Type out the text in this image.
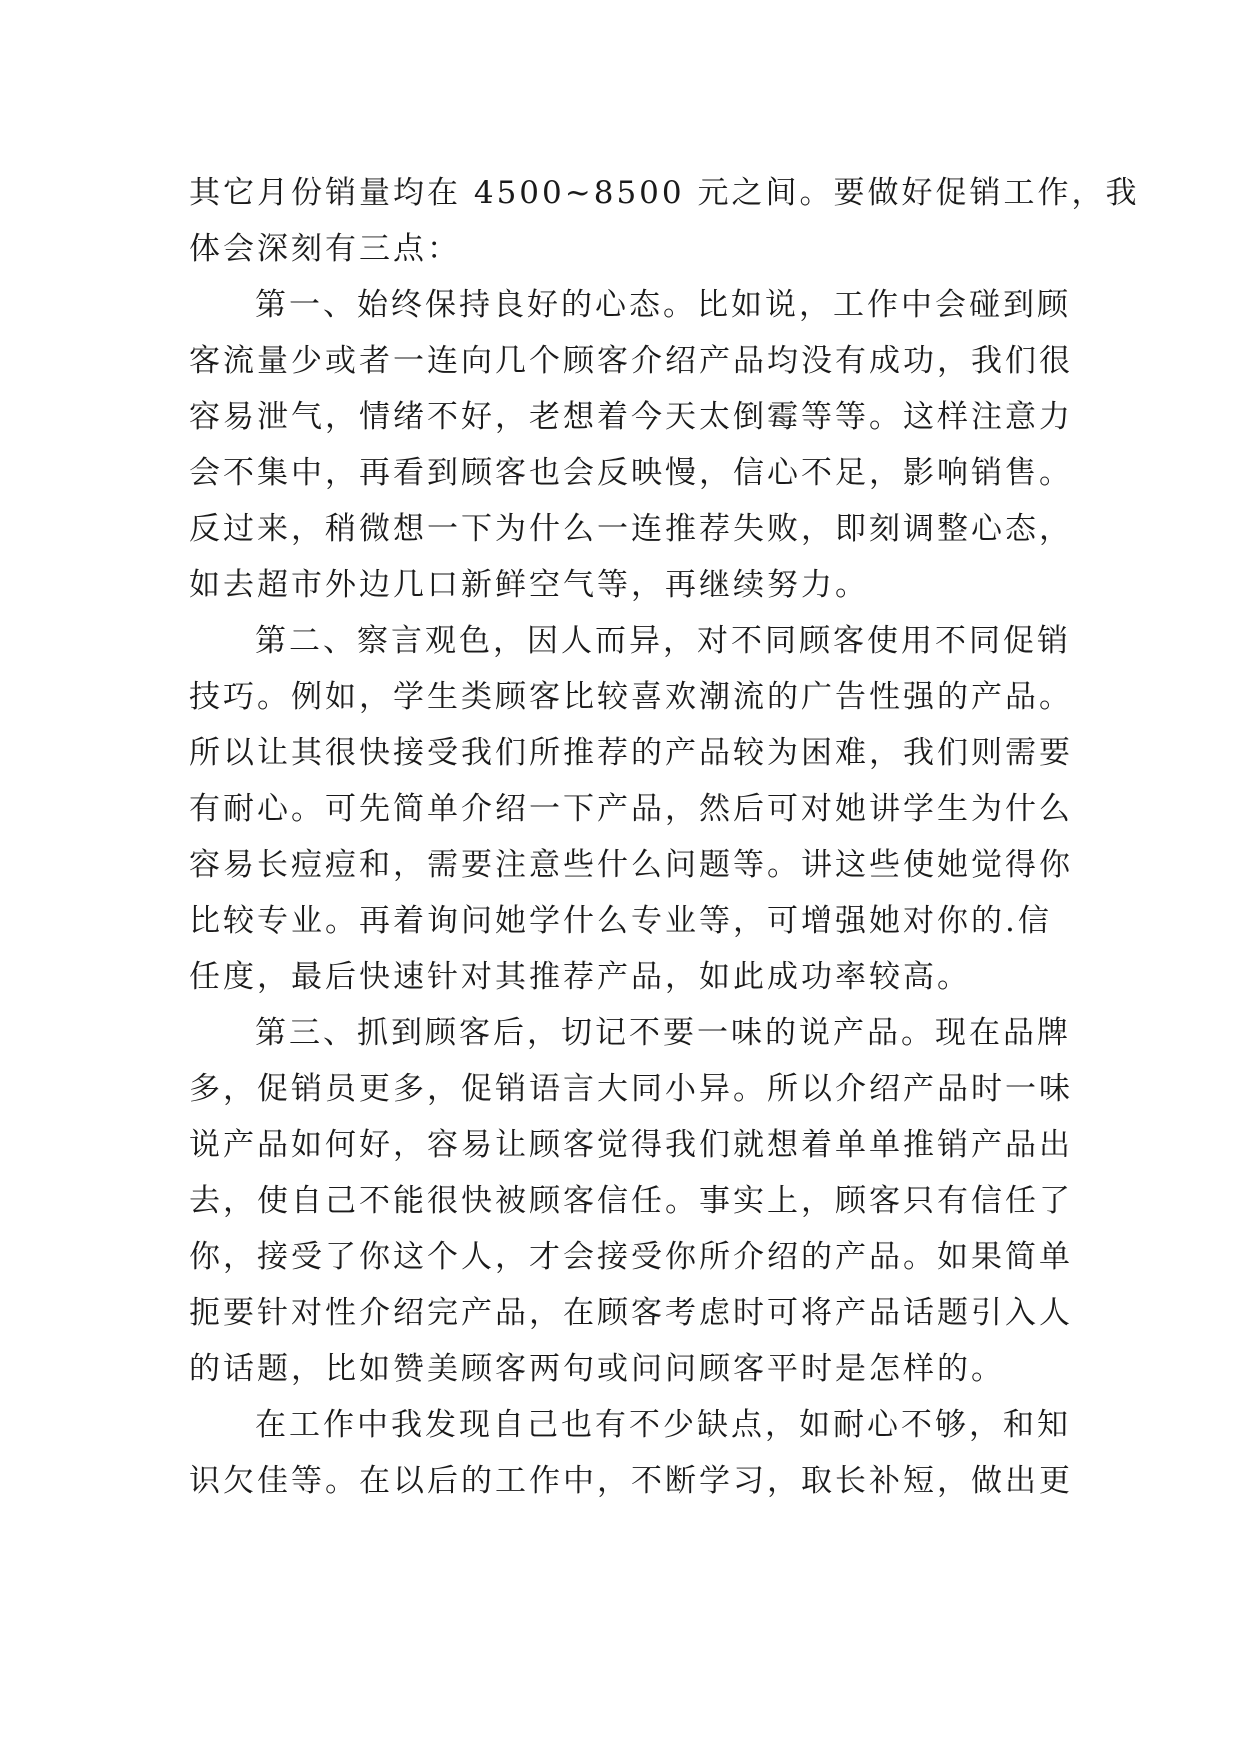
其它月份销量均在 4500~8500 元之间。要做好促销工作，我
体会深刻有三点：
第一、始终保持良好的心态。比如说，工作中会碰到顾
客流量少或者一连向几个顾客介绍产品均没有成功，我们很
容易泄气，情绪不好，老想着今天太倒霉等等。这样注意力
会不集中，再看到顾客也会反映慢，信心不足，影响销售。
反过来，稍微想一下为什么一连推荐失败，即刻调整心态，
如去超市外边几口新鲜空气等，再继续努力。
第二、察言观色，因人而异，对不同顾客使用不同促销
技巧。例如，学生类顾客比较喜欢潮流的广告性强的产品。
所以让其很快接受我们所推荐的产品较为困难，我们则需要
有耐心。可先简单介绍一下产品，然后可对她讲学生为什么
容易长痘痘和，需要注意些什么问题等。讲这些使她觉得你
比较专业。再着询问她学什么专业等，可增强她对你的.信
任度，最后快速针对其推荐产品，如此成功率较高。
第三、抓到顾客后，切记不要一味的说产品。现在品牌
多，促销员更多，促销语言大同小异。所以介绍产品时一味
说产品如何好，容易让顾客觉得我们就想着单单推销产品出
去，使自己不能很快被顾客信任。事实上，顾客只有信任了
你，接受了你这个人，才会接受你所介绍的产品。如果简单
扼要针对性介绍完产品，在顾客考虑时可将产品话题引入人
的话题，比如赞美顾客两句或问问顾客平时是怎样的。
在工作中我发现自己也有不少缺点，如耐心不够，和知
识欠佳等。在以后的工作中，不断学习，取长补短，做出更
